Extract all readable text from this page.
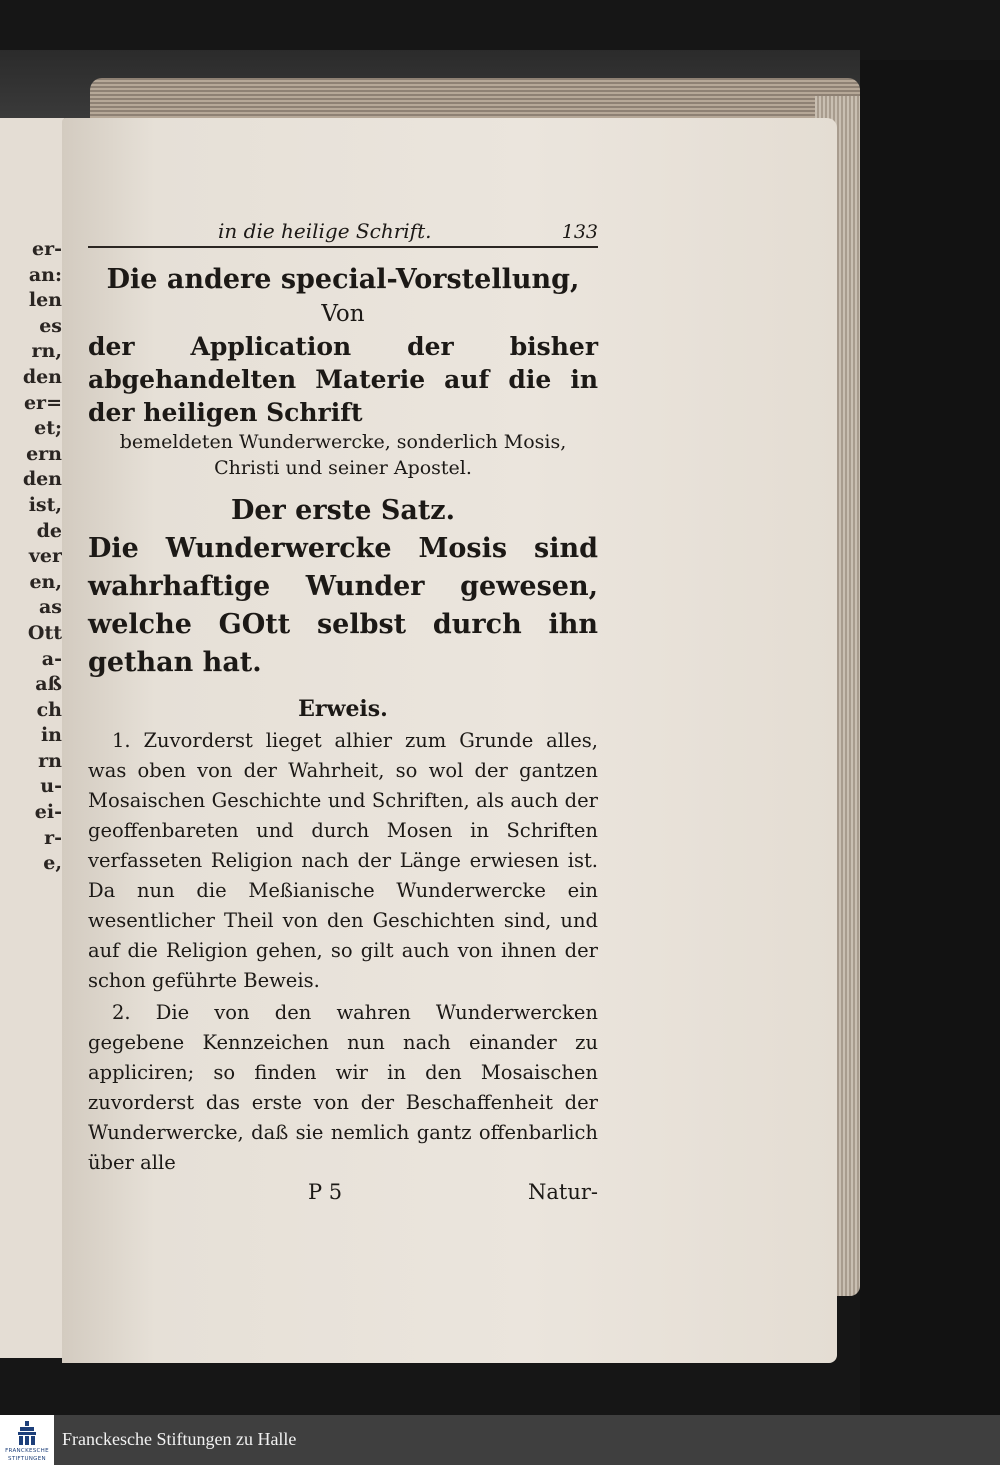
er-
an:
len
es
rn,
den
er=
et;
ern
den
ist,
de
ver
en,
as
Ott
a-
aß
ch
in
rn
u-
ei-
r-
e,
in die heilige Schrift.	133
Die andere special-Vorstellung,
Von
der Application der bisher abgehandelten Materie auf die in der heiligen Schrift
bemeldeten Wunderwercke, sonderlich Mosis, Christi und seiner Apostel.
Der erste Satz.
Die Wunderwercke Mosis sind wahrhaftige Wunder gewesen, welche GOtt selbst durch ihn gethan hat.
Erweis.
1. Zuvorderst lieget alhier zum Grunde alles, was oben von der Wahrheit, so wol der gantzen Mosaischen Geschichte und Schriften, als auch der geoffenbareten und durch Mosen in Schriften verfasseten Religion nach der Länge erwiesen ist. Da nun die Meßianische Wunderwercke ein wesentlicher Theil von den Geschichten sind, und auf die Religion gehen, so gilt auch von ihnen der schon geführte Beweis.
2. Die von den wahren Wunderwercken gegebene Kennzeichen nun nach einander zu appliciren; so finden wir in den Mosaischen zuvorderst das erste von der Beschaffenheit der Wunderwercke, daß sie nemlich gantz offenbarlich über alle
P 5	Natur-
FRANCKESCHE
STIFTUNGEN
Franckesche Stiftungen zu Halle
